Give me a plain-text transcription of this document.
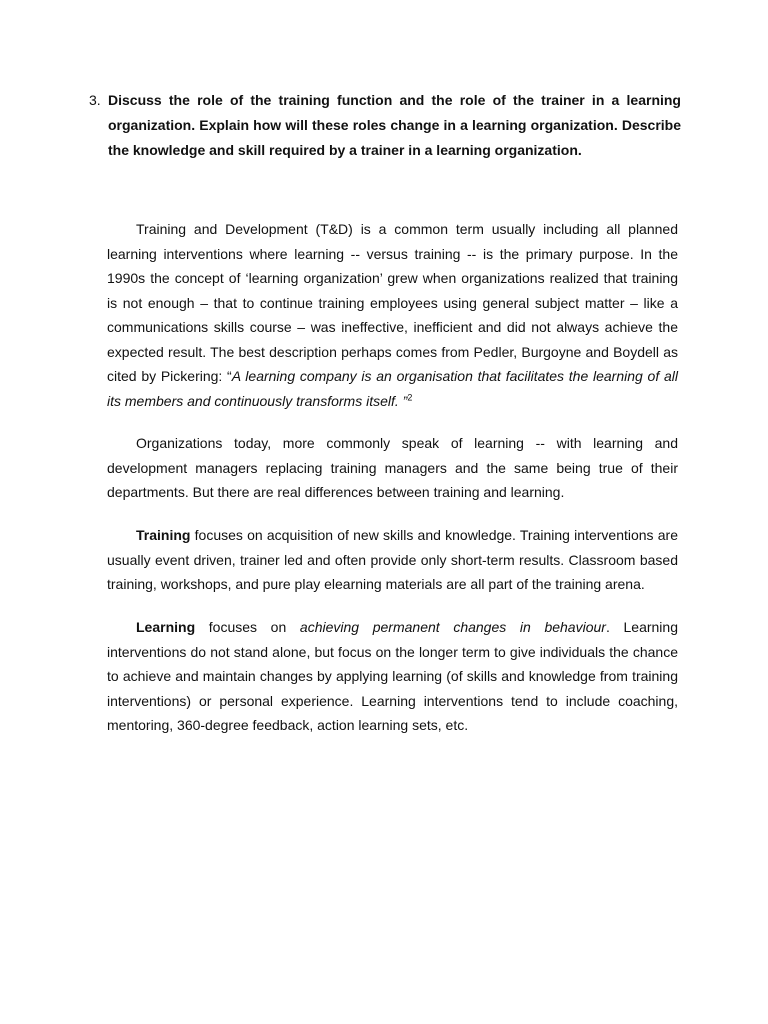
3. Discuss the role of the training function and the role of the trainer in a learning organization. Explain how will these roles change in a learning organization. Describe the knowledge and skill required by a trainer in a learning organization.

Training and Development (T&D) is a common term usually including all planned learning interventions where learning -- versus training -- is the primary purpose. In the 1990s the concept of ‘learning organization’ grew when organizations realized that training is not enough – that to continue training employees using general subject matter – like a communications skills course – was ineffective, inefficient and did not always achieve the expected result. The best description perhaps comes from Pedler, Burgoyne and Boydell as cited by Pickering: “A learning company is an organisation that facilitates the learning of all its members and continuously transforms itself. ”$^2$

Organizations today, more commonly speak of learning -- with learning and development managers replacing training managers and the same being true of their departments. But there are real differences between training and learning.

Training focuses on acquisition of new skills and knowledge. Training interventions are usually event driven, trainer led and often provide only short-term results. Classroom based training, workshops, and pure play elearning materials are all part of the training arena.

Learning focuses on achieving permanent changes in behaviour. Learning interventions do not stand alone, but focus on the longer term to give individuals the chance to achieve and maintain changes by applying learning (of skills and knowledge from training interventions) or personal experience. Learning interventions tend to include coaching, mentoring, 360-degree feedback, action learning sets, etc.
